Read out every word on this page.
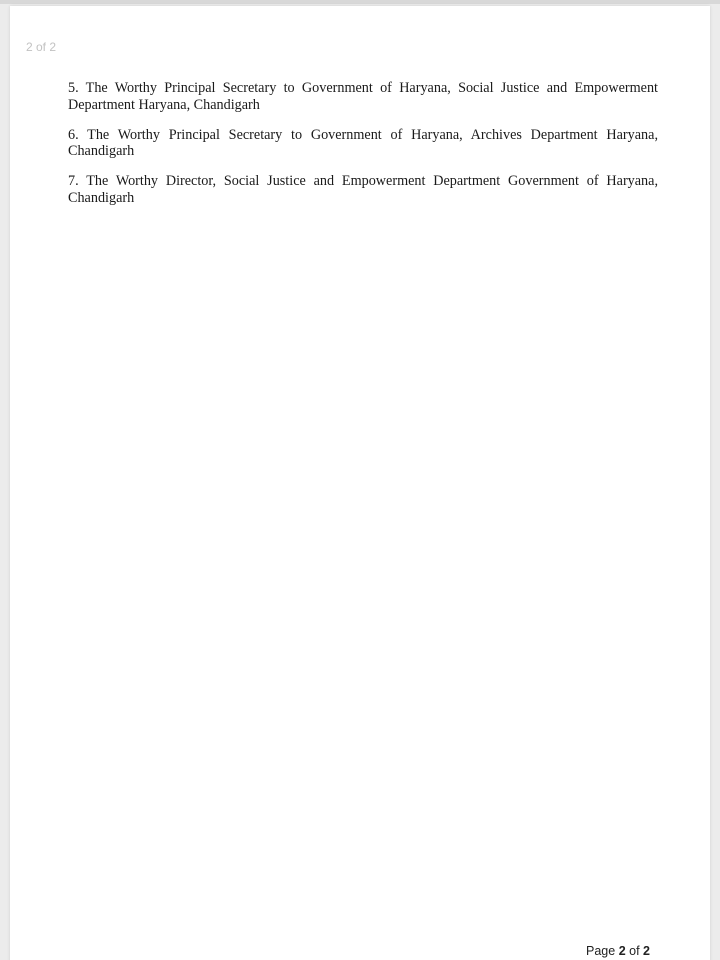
2 of 2

5. The Worthy Principal Secretary to Government of Haryana, Social Justice and Empowerment Department Haryana, Chandigarh

6. The Worthy Principal Secretary to Government of Haryana, Archives Department Haryana, Chandigarh

7. The Worthy Director, Social Justice and Empowerment Department Government of Haryana, Chandigarh

Page 2 of 2
